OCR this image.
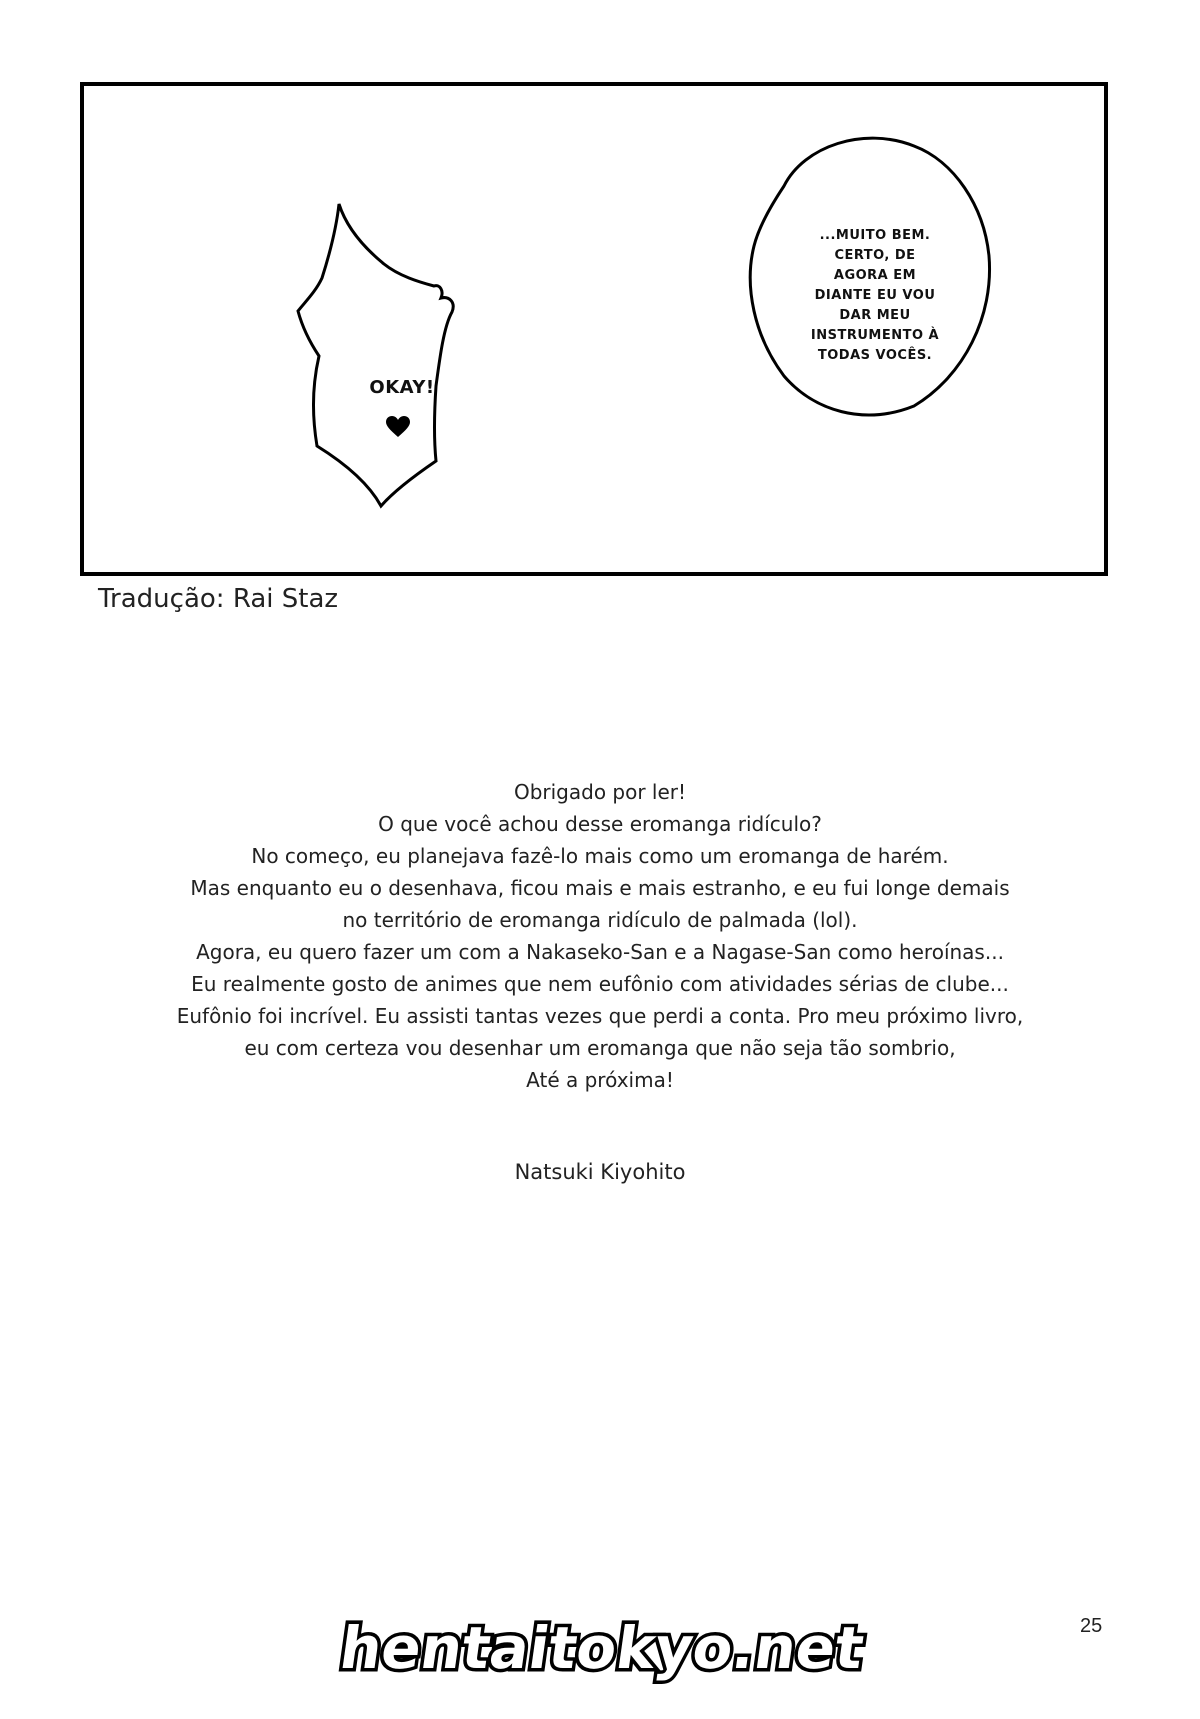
OKAY!
...MUITO BEM.
CERTO, DE
AGORA EM
DIANTE EU VOU
DAR MEU
INSTRUMENTO À
TODAS VOCÊS.
Tradução: Rai Staz
Obrigado por ler!
O que você achou desse eromanga ridículo?
No começo, eu planejava fazê-lo mais como um eromanga de harém.
Mas enquanto eu o desenhava, ficou mais e mais estranho, e eu fui longe demais
no território de eromanga ridículo de palmada (lol).
Agora, eu quero fazer um com a Nakaseko-San e a Nagase-San como heroínas...
Eu realmente gosto de animes que nem eufônio com atividades sérias de clube...
Eufônio foi incrível. Eu assisti tantas vezes que perdi a conta. Pro meu próximo livro,
eu com certeza vou desenhar um eromanga que não seja tão sombrio,
Até a próxima!
Natsuki Kiyohito
hentaitokyo.net	25
